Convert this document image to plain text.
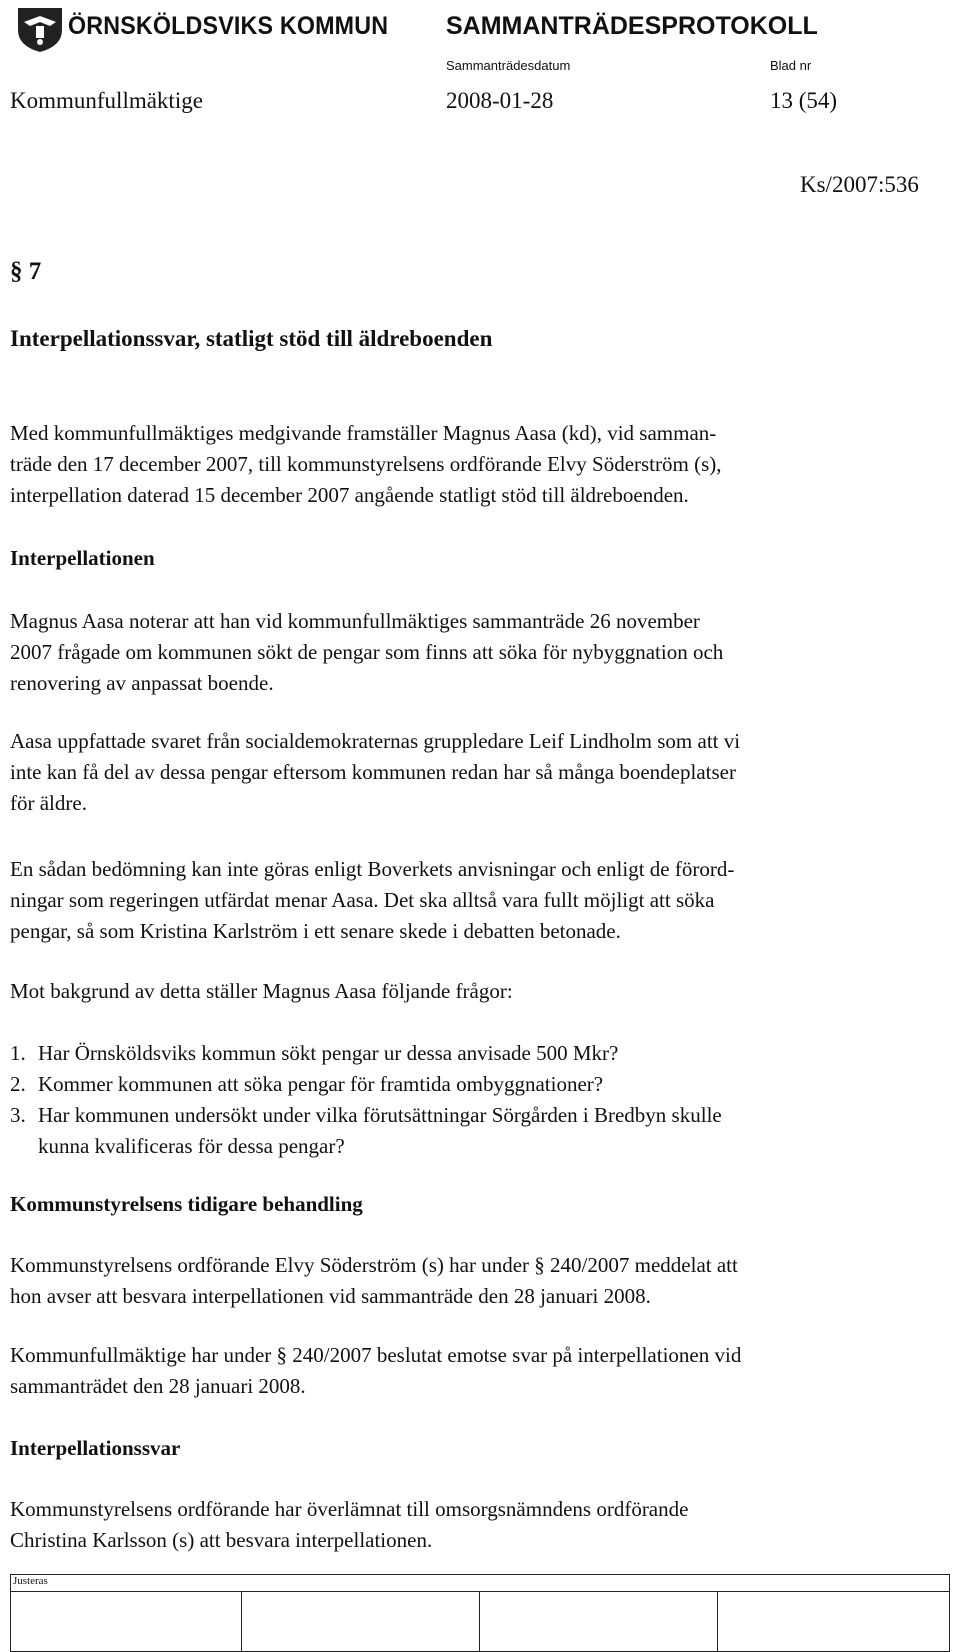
ÖRNSKÖLDSVIKS KOMMUN SAMMANTRÄDESPROTOKOLL
Sammanträdesdatum	Blad nr
Kommunfullmäktige	2008-01-28	13 (54)
Ks/2007:536
§ 7
Interpellationssvar, statligt stöd till äldreboenden
Med kommunfullmäktiges medgivande framställer Magnus Aasa (kd), vid samman-
träde den 17 december 2007, till kommunstyrelsens ordförande Elvy Söderström (s),
interpellation daterad 15 december 2007 angående statligt stöd till äldreboenden.
Interpellationen
Magnus Aasa noterar att han vid kommunfullmäktiges sammanträde 26 november
2007 frågade om kommunen sökt de pengar som finns att söka för nybyggnation och
renovering av anpassat boende.
Aasa uppfattade svaret från socialdemokraternas gruppledare Leif Lindholm som att vi
inte kan få del av dessa pengar eftersom kommunen redan har så många boendeplatser
för äldre.
En sådan bedömning kan inte göras enligt Boverkets anvisningar och enligt de förord-
ningar som regeringen utfärdat menar Aasa. Det ska alltså vara fullt möjligt att söka
pengar, så som Kristina Karlström i ett senare skede i debatten betonade.
Mot bakgrund av detta ställer Magnus Aasa följande frågor:
1. Har Örnsköldsviks kommun sökt pengar ur dessa anvisade 500 Mkr?
2. Kommer kommunen att söka pengar för framtida ombyggnationer?
3. Har kommunen undersökt under vilka förutsättningar Sörgården i Bredbyn skulle
kunna kvalificeras för dessa pengar?
Kommunstyrelsens tidigare behandling
Kommunstyrelsens ordförande Elvy Söderström (s) har under § 240/2007 meddelat att
hon avser att besvara interpellationen vid sammanträde den 28 januari 2008.
Kommunfullmäktige har under § 240/2007 beslutat emotse svar på interpellationen vid
sammanträdet den 28 januari 2008.
Interpellationssvar
Kommunstyrelsens ordförande har överlämnat till omsorgsnämndens ordförande
Christina Karlsson (s) att besvara interpellationen.
Justeras
